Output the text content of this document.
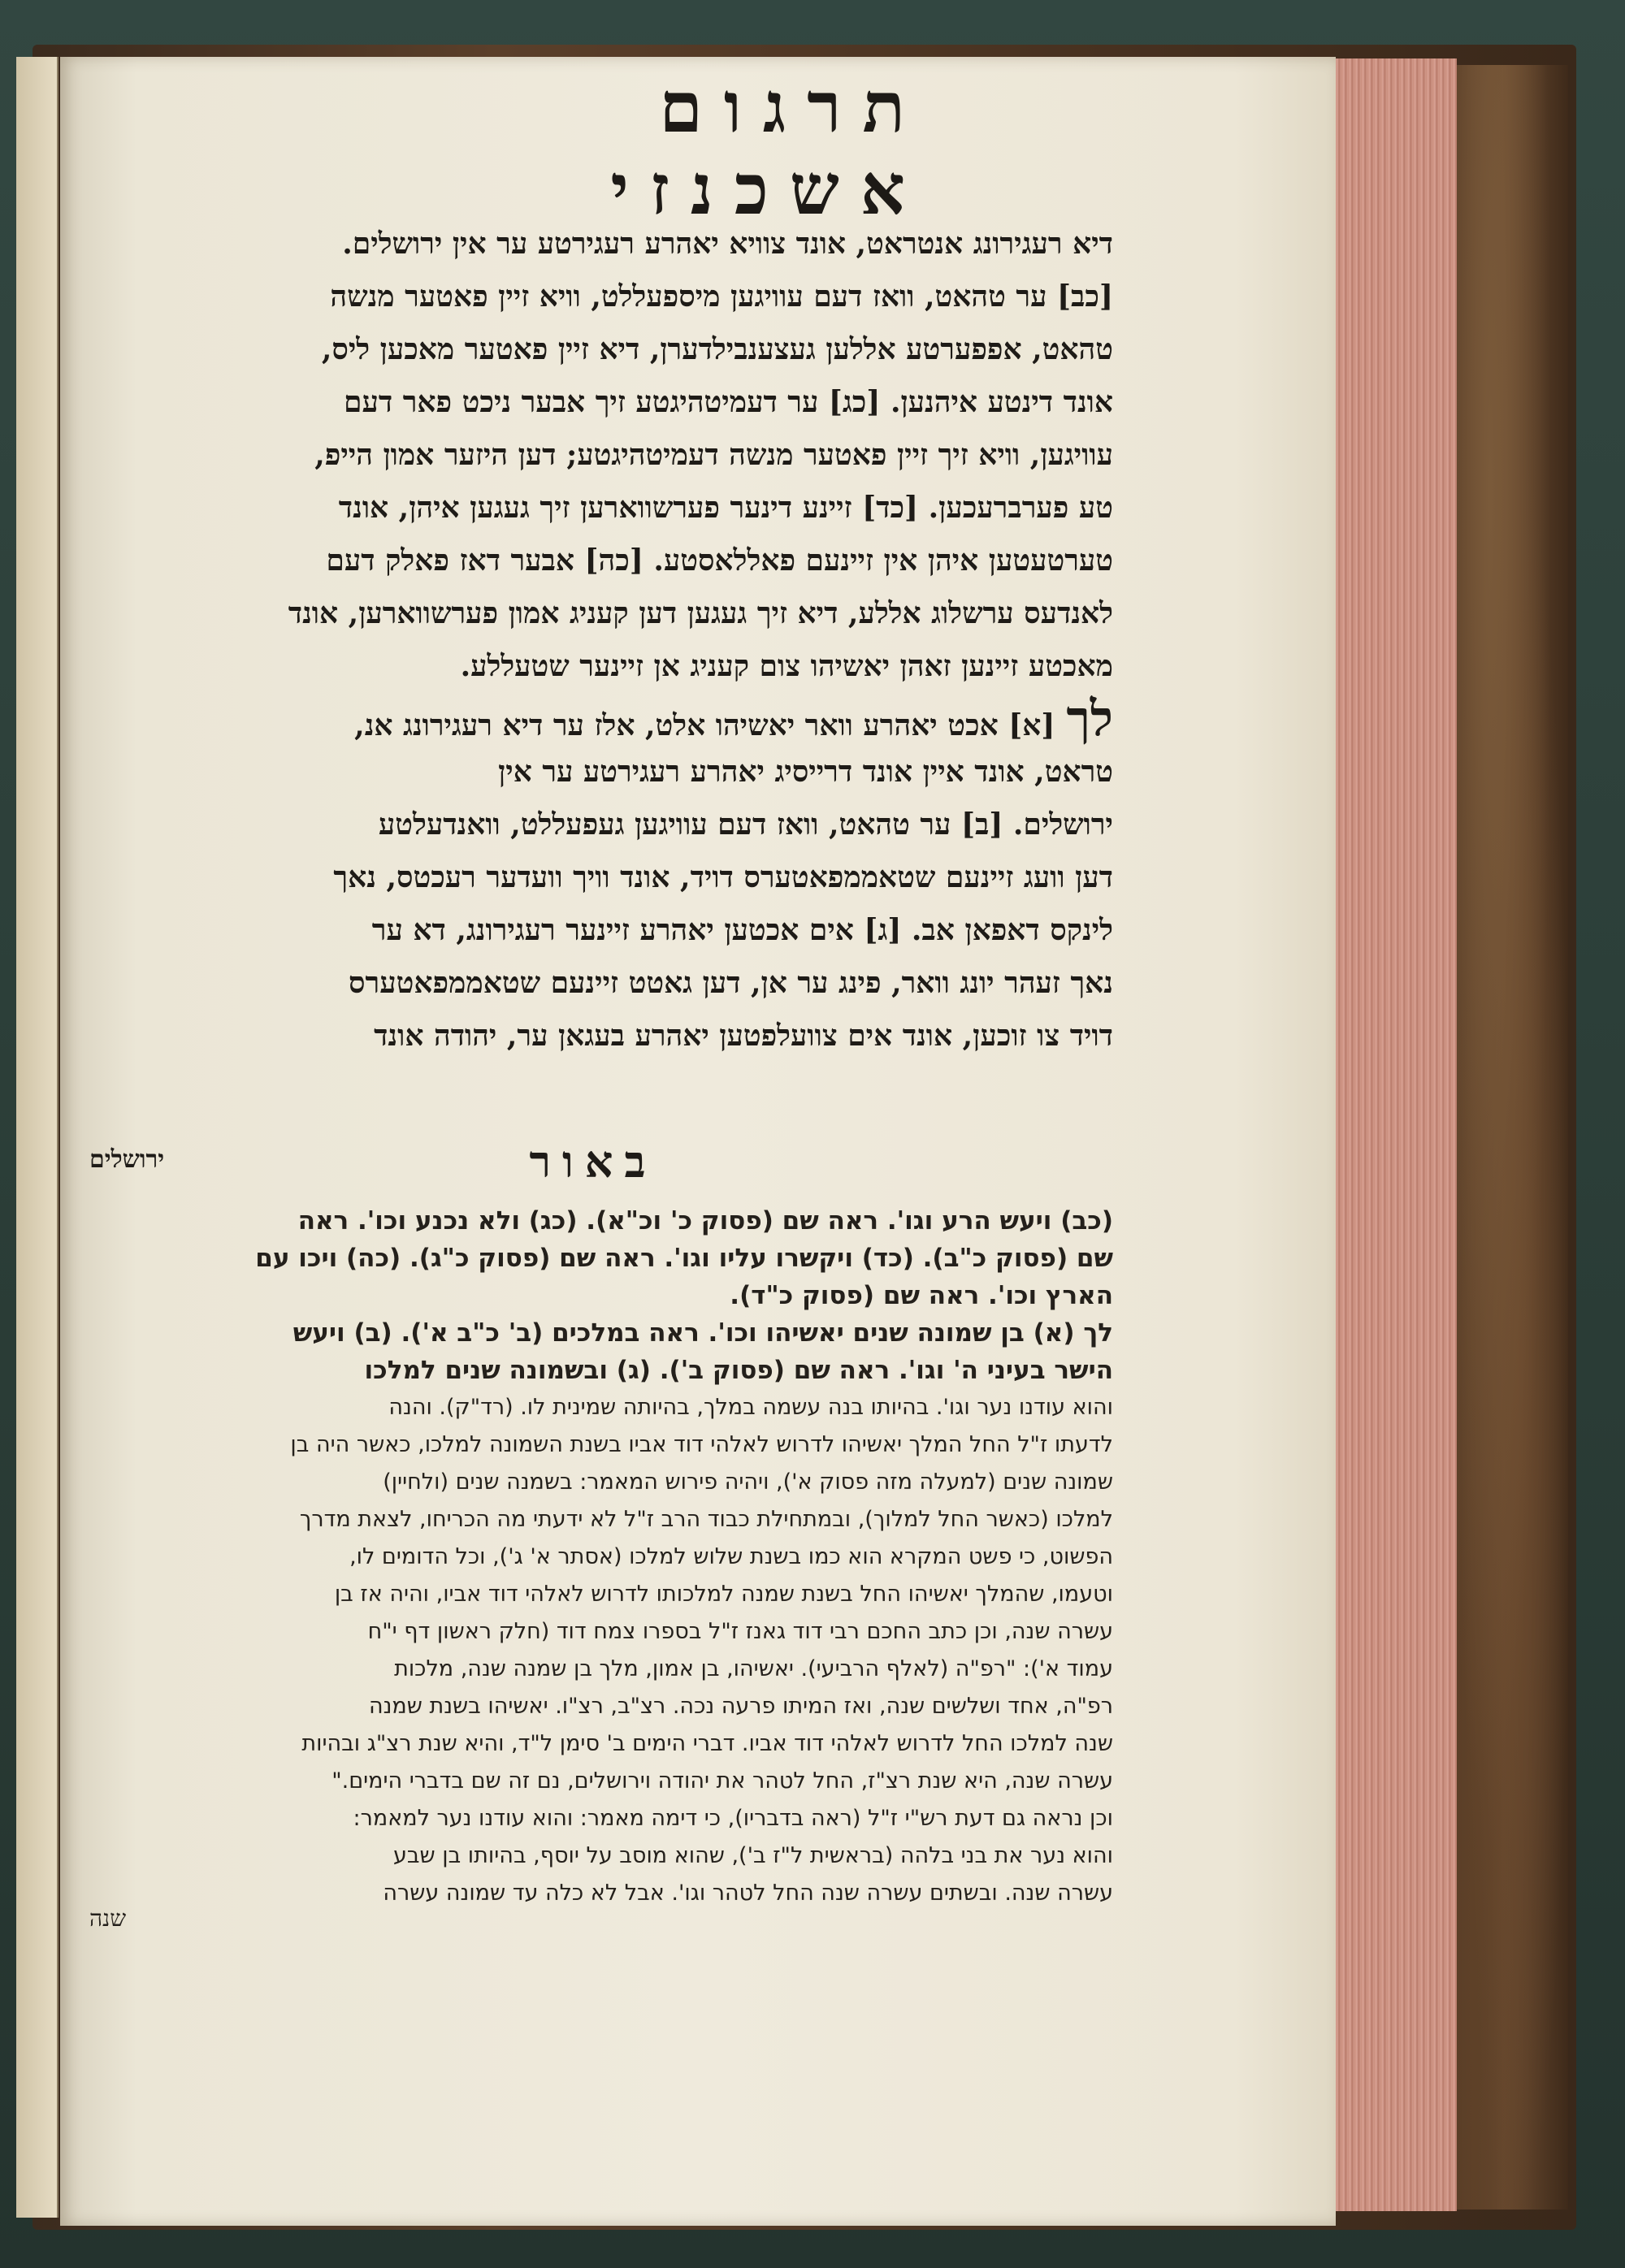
תרגום אשכנזי
דיא רעגירונג אנטראט, אונד צוויא יאהרע רעגירטע ער אין ירושלים.
[כב] ער טהאט, וואז דעם עוויגען מיספעללט, וויא זיין פאטער מנשה
טהאט, אפפערטע אללען געצענבילדערן, דיא זיין פאטער מאכען ליס,
אונד דינטע איהנען. [כג] ער דעמיטהיגטע זיך אבער ניכט פאר דעם
עוויגען, וויא זיך זיין פאטער מנשה דעמיטהיגטע; דען היזער אמון הייפ,
טע פערברעכען. [כד] זיינע דינער פערשווארען זיך געגען איהן, אונד
טערטעטען איהן אין זיינעם פאללאסטע. [כה] אבער דאז פאלק דעם
לאנדעס ערשלוג אללע, דיא זיך געגען דען קעניג אמון פערשווארען, אונד
מאכטע זיינען זאהן יאשיהו צום קעניג אן זיינער שטעללע.
לך[א] אכט יאהרע וואר יאשיהו אלט, אלז ער דיא רעגירונג אנ,
טראט, אונד איין אונד דרייסיג יאהרע רעגירטע ער אין
ירושלים. [ב] ער טהאט, וואז דעם עוויגען געפעללט, וואנדעלטע
דען וועג זיינעם שטאממפאטערס דויד, אונד וויך וועדער רעכטס, נאך
לינקס דאפאן אב. [ג] אים אכטען יאהרע זיינער רעגירונג, דא ער
נאך זעהר יונג וואר, פינג ער אן, דען גאטט זיינעם שטאממפאטערס
דויד צו זוכען, אונד אים צוועלפטען יאהרע בעגאן ער, יהודה אונד
ירושלים	באור
(כב) ויעש הרע וגו'. ראה שם (פסוק כ' וכ"א). (כג) ולא נכנע וכו'. ראה
שם (פסוק כ"ב). (כד) ויקשרו עליו וגו'. ראה שם (פסוק כ"ג). (כה) ויכו עם
הארץ וכו'. ראה שם (פסוק כ"ד).
לך (א) בן שמונה שנים יאשיהו וכו'. ראה במלכים (ב' כ"ב א'). (ב) ויעש
הישר בעיני ה' וגו'. ראה שם (פסוק ב'). (ג) ובשמונה שנים למלכו
והוא עודנו נער וגו'. בהיותו בנה עשמה במלך, בהיותה שמינית לו. (רד"ק). והנה
לדעתו ז"ל החל המלך יאשיהו לדרוש לאלהי דוד אביו בשנת השמונה למלכו, כאשר היה בן
שמונה שנים (למעלה מזה פסוק א'), ויהיה פירוש המאמר: בשמנה שנים (ולחיין)
למלכו (כאשר החל למלוך), ובמתחילת כבוד הרב ז"ל לא ידעתי מה הכריחו, לצאת מדרך
הפשוט, כי פשט המקרא הוא כמו בשנת שלוש למלכו (אסתר א' ג'), וכל הדומים לו,
וטעמו, שהמלך יאשיהו החל בשנת שמנה למלכותו לדרוש לאלהי דוד אביו, והיה אז בן
עשרה שנה, וכן כתב החכם רבי דוד גאנז ז"ל בספרו צמח דוד (חלק ראשון דף י"ח
עמוד א'): "רפ"ה (לאלף הרביעי). יאשיהו, בן אמון, מלך בן שמנה שנה, מלכות
רפ"ה, אחד ושלשים שנה, ואז המיתו פרעה נכה. רצ"ב, רצ"ו. יאשיהו בשנת שמנה
שנה למלכו החל לדרוש לאלהי דוד אביו. דברי הימים ב' סימן ל"ד, והיא שנת רצ"ג ובהיות
עשרה שנה, היא שנת רצ"ז, החל לטהר את יהודה וירושלים, נם זה שם בדברי הימים."
וכן נראה גם דעת רש"י ז"ל (ראה בדבריו), כי דימה מאמר: והוא עודנו נער למאמר:
והוא נער את בני בלהה (בראשית ל"ז ב'), שהוא מוסב על יוסף, בהיותו בן שבע
עשרה שנה. ובשתים עשרה שנה החל לטהר וגו'. אבל לא כלה עד שמונה עשרה
שנה
